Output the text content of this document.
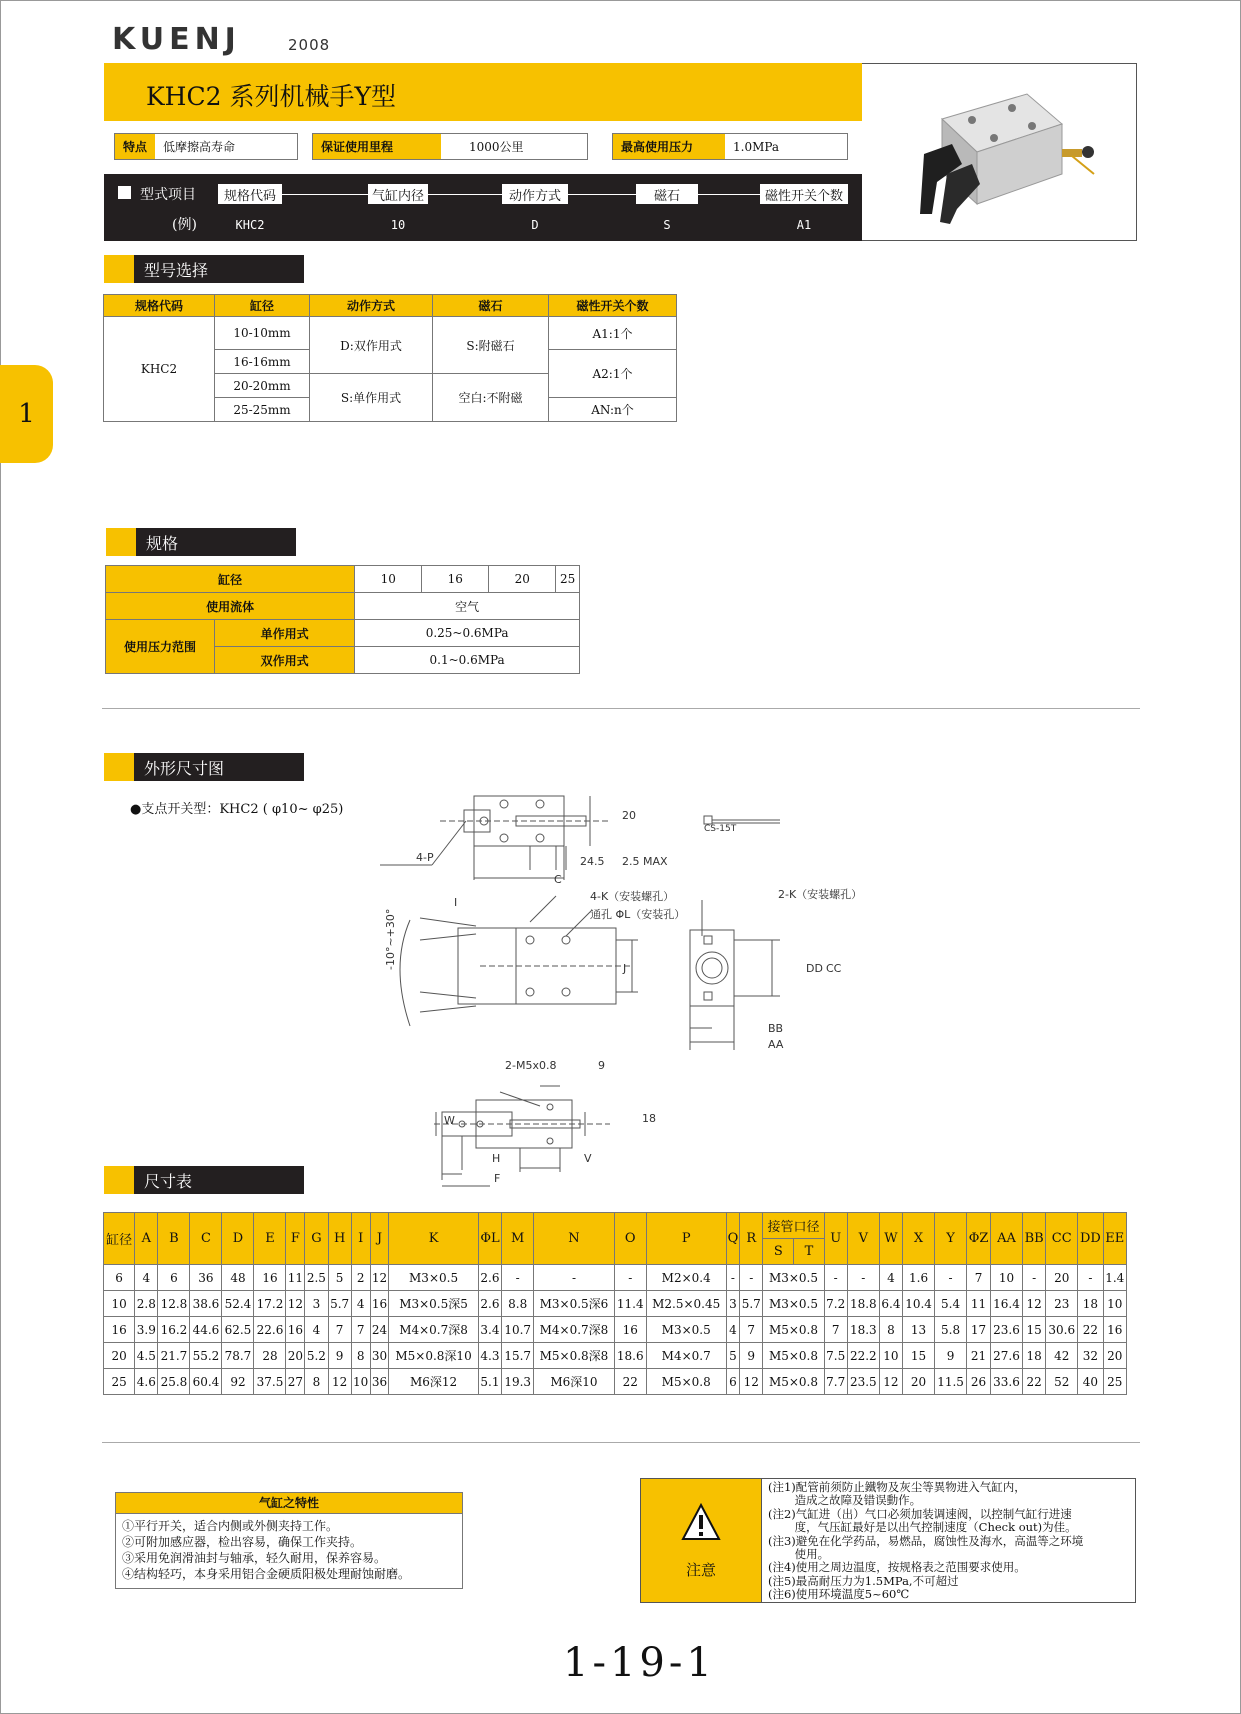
KUENJ	2008
1
KHC2 系列机械手Y型
特点	低摩擦高寿命	保证使用里程	1000公里	最高使用压力	1.0MPa
型式项目
(例)
规格代码	气缸内径	动作方式	磁石	磁性开关个数
KHC2	10	D	S	A1
型号选择
规格代码	缸径	动作方式	磁石	磁性开关个数
KHC2	10-10mm	D:双作用式	S:附磁石	A1:1个
	16-16mm			A2:1个
	20-20mm	S:单作用式	空白:不附磁	
	25-25mm			AN:n个
规格
缸径		10	16	20	25
使用流体		空气			
使用压力范围	单作用式	0.25~0.6MPa			
	双作用式	0.1~0.6MPa			
外形尺寸图
●支点开关型：KHC2 ( φ10~ φ25)	20
4-P	24.5 2.5 MAX
C
CS-15T
4-K（安装螺孔）
通孔 ΦL（安装孔）
2-K（安装螺孔）
I
-10°~+30°	J	DD CC
BB
AA
2-M5x0.8	9
W	18
H
F
V
尺寸表
缸径	A	B	C	D	E	F	G	H	I	J	K	ΦL	M	N	O	P	Q	R	接管口径		U	V	W	X	Y	ΦZ	AA	BB	CC	DD	EE
																			S	T											
6	4	6	36	48	16	11	2.5	5	2	12	M3×0.5	2.6	-	-	-	M2×0.4	-	-	M3×0.5		-	-	4	1.6	-	7	10	-	20	-	1.4
10	2.8	12.8	38.6	52.4	17.2	12	3	5.7	4	16	M3×0.5深5	2.6	8.8	M3×0.5深6	11.4	M2.5×0.45	3	5.7	M3×0.5		7.2	18.8	6.4	10.4	5.4	11	16.4	12	23	18	10
16	3.9	16.2	44.6	62.5	22.6	16	4	7	7	24	M4×0.7深8	3.4	10.7	M4×0.7深8	16	M3×0.5	4	7	M5×0.8		7	18.3	8	13	5.8	17	23.6	15	30.6	22	16
20	4.5	21.7	55.2	78.7	28	20	5.2	9	8	30	M5×0.8深10	4.3	15.7	M5×0.8深8	18.6	M4×0.7	5	9	M5×0.8		7.5	22.2	10	15	9	21	27.6	18	42	32	20
25	4.6	25.8	60.4	92	37.5	27	8	12	10	36	M6深12	5.1	19.3	M6深10	22	M5×0.8	6	12	M5×0.8		7.7	23.5	12	20	11.5	26	33.6	22	52	40	25
气缸之特性
①平行开关，适合内侧或外侧夹持工作。
②可附加感应器，检出容易，确保工作夹持。
③采用免润滑油封与轴承，轻久耐用，保养容易。
④结构轻巧，本身采用铝合金硬质阳极处理耐蚀耐磨。	注意
(注1)配管前须防止鐵物及灰尘等異物进入气缸内，
　　 造成之故障及错误動作。
(注2)气缸进（出）气口必须加装调速阀，以控制气缸行进速
　　 度，气压缸最好是以出气控制速度（Check out)为佳。
(注3)避免在化学药品，易燃品，腐蚀性及海水，高温等之环境
　　 使用。
(注4)使用之周边温度，按规格表之范围要求使用。
(注5)最高耐压力为1.5MPa,不可超过
(注6)使用环境温度5~60℃
1-19-1
